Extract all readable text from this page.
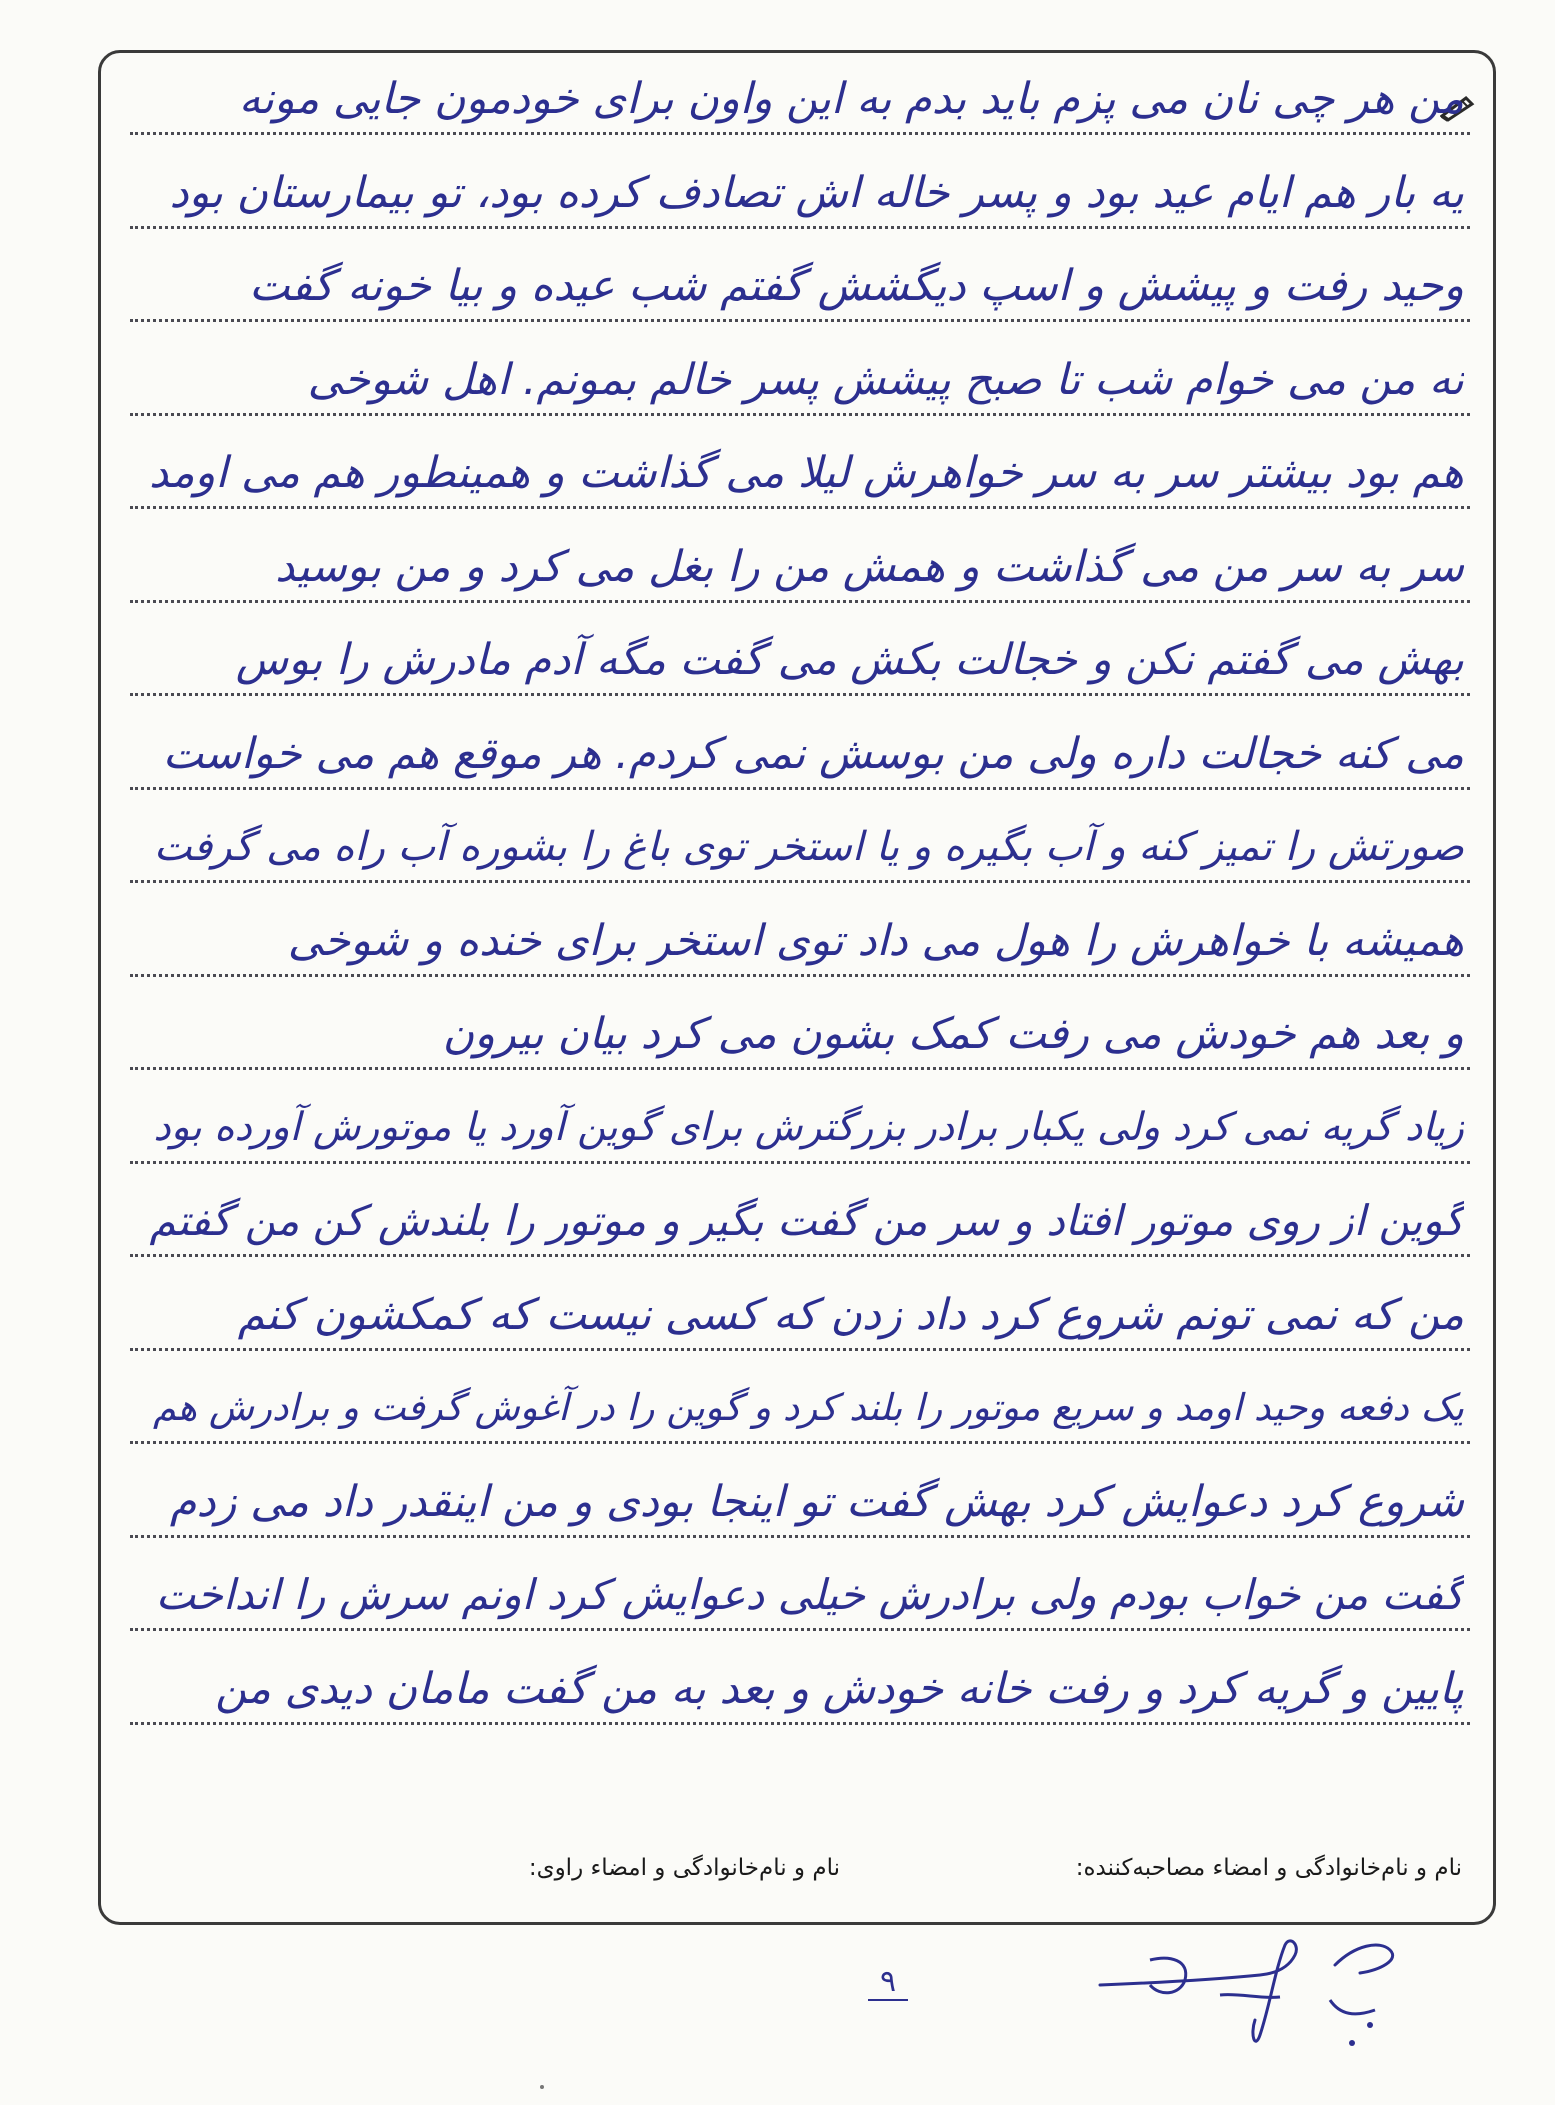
من هر چی نان می پزم باید بدم به این واون برای خودمون جایی مونه
یه بار هم ایام عید بود و پسر خاله اش تصادف کرده بود، تو بیمارستان بود
وحید رفت و پیشش و اسپ دیگشش گفتم شب عیده و بیا خونه گفت
نه من می خوام شب تا صبح پیشش پسر خالم بمونم. اهل شوخی
هم بود بیشتر سر به سر خواهرش لیلا می گذاشت و همینطور هم می اومد
سر به سر من می گذاشت و همش من را بغل می کرد و من بوسید
بهش می گفتم نکن و خجالت بکش می گفت مگه آدم مادرش را بوس
می کنه خجالت داره ولی من بوسش نمی کردم. هر موقع هم می خواست
صورتش را تمیز کنه و آب بگیره و یا استخر توی باغ را بشوره آب راه می گرفت
همیشه با خواهرش را هول می داد توی استخر برای خنده و شوخی
و بعد هم خودش می رفت کمک بشون می کرد بیان بیرون
زیاد گریه نمی کرد ولی یکبار برادر بزرگترش برای گوین آورد یا موتورش آورده بود
گوین از روی موتور افتاد و سر من گفت بگیر و موتور را بلندش کن من گفتم
من که نمی تونم شروع کرد داد زدن که کسی نیست که کمکشون کنم
یک دفعه وحید اومد و سریع موتور را بلند کرد و گوین را در آغوش گرفت و برادرش هم
شروع کرد دعوایش کرد بهش گفت تو اینجا بودی و من اینقدر داد می زدم
گفت من خواب بودم ولی برادرش خیلی دعوایش کرد اونم سرش را انداخت
پایین و گریه کرد و رفت خانه خودش و بعد به من گفت مامان دیدی من
نام و نام‌خانوادگی و امضاء مصاحبه‌کننده:
نام و نام‌خانوادگی و امضاء راوی:
۹
